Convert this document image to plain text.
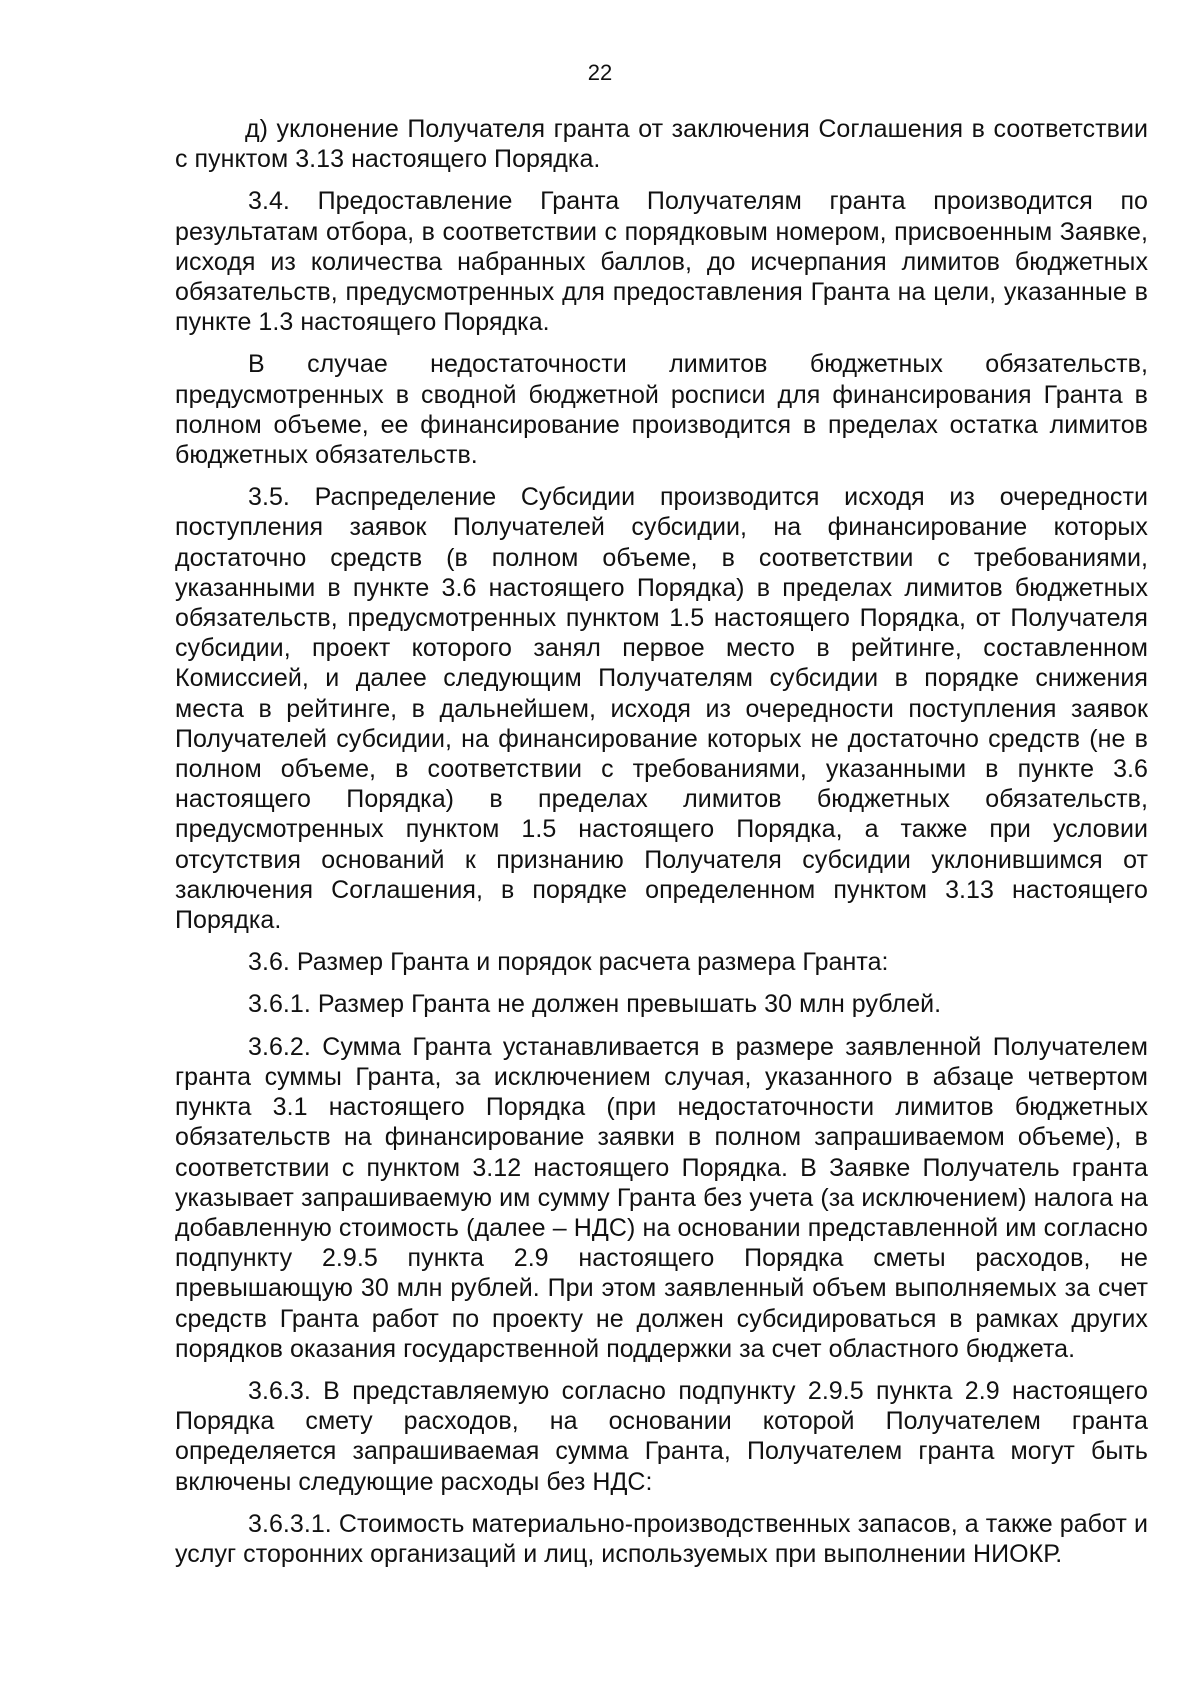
22

д) уклонение Получателя гранта от заключения Соглашения в соответствии с пунктом 3.13 настоящего Порядка.

3.4. Предоставление Гранта Получателям гранта производится по результатам отбора, в соответствии с порядковым номером, присвоенным Заявке, исходя из количества набранных баллов, до исчерпания лимитов бюджетных обязательств, предусмотренных для предоставления Гранта на цели, указанные в пункте 1.3 настоящего Порядка.

В случае недостаточности лимитов бюджетных обязательств, предусмотренных в сводной бюджетной росписи для финансирования Гранта в полном объеме, ее финансирование производится в пределах остатка лимитов бюджетных обязательств.

3.5. Распределение Субсидии производится исходя из очередности поступления заявок Получателей субсидии, на финансирование которых достаточно средств (в полном объеме, в соответствии с требованиями, указанными в пункте 3.6 настоящего Порядка) в пределах лимитов бюджетных обязательств, предусмотренных пунктом 1.5 настоящего Порядка, от Получателя субсидии, проект которого занял первое место в рейтинге, составленном Комиссией, и далее следующим Получателям субсидии в порядке снижения места в рейтинге, в дальнейшем, исходя из очередности поступления заявок Получателей субсидии, на финансирование которых не достаточно средств (не в полном объеме, в соответствии с требованиями, указанными в пункте 3.6 настоящего Порядка) в пределах лимитов бюджетных обязательств, предусмотренных пунктом 1.5 настоящего Порядка, а также при условии отсутствия оснований к признанию Получателя субсидии уклонившимся от заключения Соглашения, в порядке определенном пунктом 3.13 настоящего Порядка.

3.6. Размер Гранта и порядок расчета размера Гранта:

3.6.1. Размер Гранта не должен превышать 30 млн рублей.

3.6.2. Сумма Гранта устанавливается в размере заявленной Получателем гранта суммы Гранта, за исключением случая, указанного в абзаце четвертом пункта 3.1 настоящего Порядка (при недостаточности лимитов бюджетных обязательств на финансирование заявки в полном запрашиваемом объеме), в соответствии с пунктом 3.12 настоящего Порядка. В Заявке Получатель гранта указывает запрашиваемую им сумму Гранта без учета (за исключением) налога на добавленную стоимость (далее – НДС) на основании представленной им согласно подпункту 2.9.5 пункта 2.9 настоящего Порядка сметы расходов, не превышающую 30 млн рублей. При этом заявленный объем выполняемых за счет средств Гранта работ по проекту не должен субсидироваться в рамках других порядков оказания государственной поддержки за счет областного бюджета.

3.6.3. В представляемую согласно подпункту 2.9.5 пункта 2.9 настоящего Порядка смету расходов, на основании которой Получателем гранта определяется запрашиваемая сумма Гранта, Получателем гранта могут быть включены следующие расходы без НДС:

3.6.3.1. Стоимость материально-производственных запасов, а также работ и услуг сторонних организаций и лиц, используемых при выполнении НИОКР.
